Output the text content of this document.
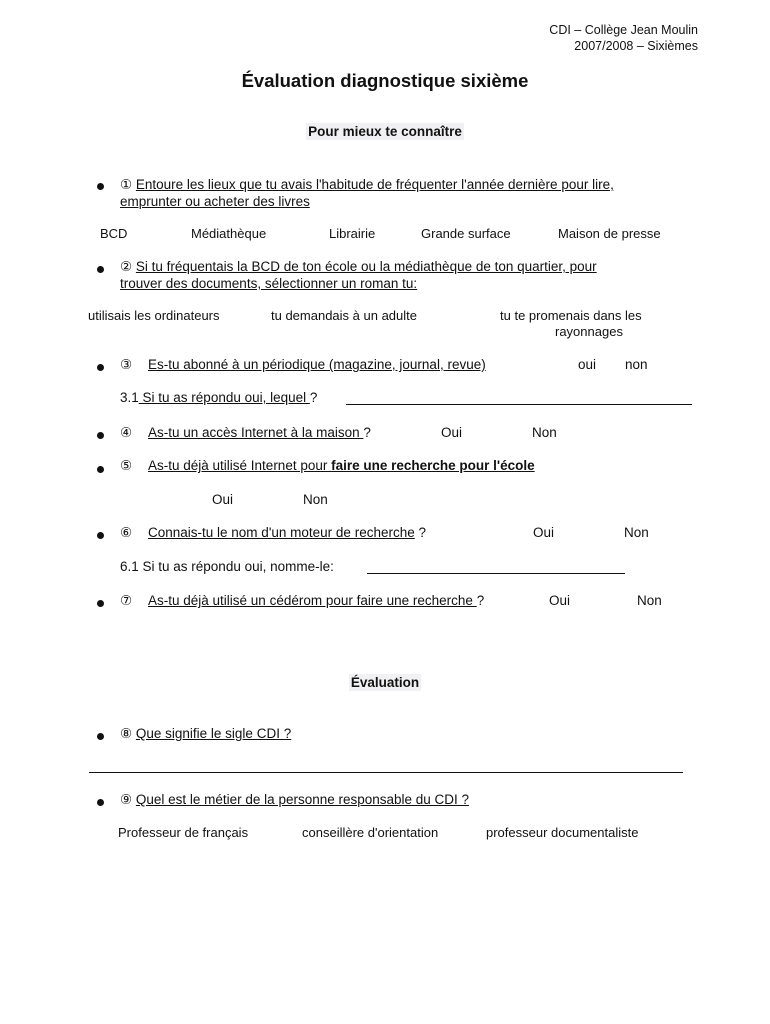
CDI – Collège Jean Moulin
2007/2008 – Sixièmes
Évaluation diagnostique sixième
Pour mieux te connaître
① Entoure les lieux que tu avais l'habitude de fréquenter l'année dernière pour lire,
emprunter ou acheter des livres
BCD	Médiathèque	Librairie	Grande surface	Maison de presse
② Si tu fréquentais la BCD de ton école ou la médiathèque de ton quartier, pour
trouver des documents, sélectionner un roman tu:
utilisais les ordinateurs	tu demandais à un adulte	tu te promenais dans les
rayonnages
③ Es-tu abonné à un périodique (magazine, journal, revue)	oui non
3.1 Si tu as répondu oui, lequel ?
④ As-tu un accès Internet à la maison ?	Oui	Non
⑤ As-tu déjà utilisé Internet pour faire une recherche pour l'école
Oui	Non
⑥ Connais-tu le nom d'un moteur de recherche ?	Oui	Non
6.1 Si tu as répondu oui, nomme-le:
⑦ As-tu déjà utilisé un cédérom pour faire une recherche ?	Oui	Non
Évaluation
⑧ Que signifie le sigle CDI ?
⑨ Quel est le métier de la personne responsable du CDI ?
Professeur de français	conseillère d'orientation	professeur documentaliste
